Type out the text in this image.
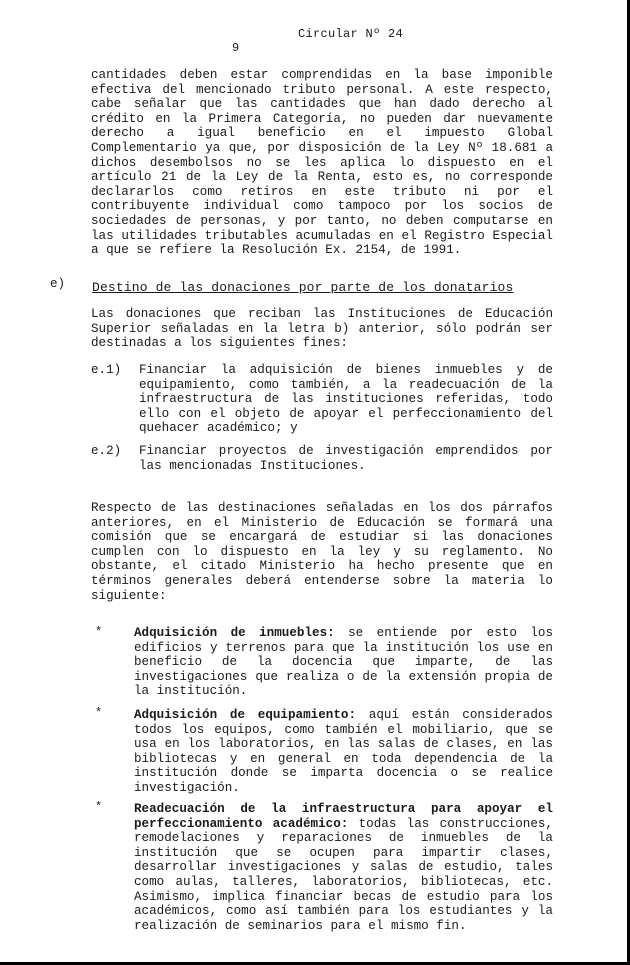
Circular Nº 24
9

cantidades deben estar comprendidas en la base imponible efectiva del mencionado tributo personal. A este respecto, cabe señalar que las cantidades que han dado derecho al crédito en la Primera Categoría, no pueden dar nuevamente derecho a igual beneficio en el impuesto Global Complementario ya que, por disposición de la Ley Nº 18.681 a dichos desembolsos no se les aplica lo dispuesto en el artículo 21 de la Ley de la Renta, esto es, no corresponde declararlos como retiros en este tributo ni por el contribuyente individual como tampoco por los socios de sociedades de personas, y por tanto, no deben computarse en las utilidades tributables acumuladas en el Registro Especial a que se refiere la Resolución Ex. 2154, de 1991.

e) Destino de las donaciones por parte de los donatarios

Las donaciones que reciban las Instituciones de Educación Superior señaladas en la letra b) anterior, sólo podrán ser destinadas a los siguientes fines:

e.1) Financiar la adquisición de bienes inmuebles y de equipamiento, como también, a la readecuación de la infraestructura de las instituciones referidas, todo ello con el objeto de apoyar el perfeccionamiento del quehacer académico; y
e.2) Financiar proyectos de investigación emprendidos por las mencionadas Instituciones.

Respecto de las destinaciones señaladas en los dos párrafos anteriores, en el Ministerio de Educación se formará una comisión que se encargará de estudiar si las donaciones cumplen con lo dispuesto en la ley y su reglamento. No obstante, el citado Ministerio ha hecho presente que en términos generales deberá entenderse sobre la materia lo siguiente:

*	Adquisición de inmuebles: se entiende por esto los edificios y terrenos para que la institución los use en beneficio de la docencia que imparte, de las investigaciones que realiza o de la extensión propia de la institución.
*	Adquisición de equipamiento: aquí están considerados todos los equipos, como también el mobiliario, que se usa en los laboratorios, en las salas de clases, en las bibliotecas y en general en toda dependencia de la institución donde se imparta docencia o se realice investigación.
*	Readecuación de la infraestructura para apoyar el perfeccionamiento académico: todas las construcciones, remodelaciones y reparaciones de inmuebles de la institución que se ocupen para impartir clases, desarrollar investigaciones y salas de estudio, tales como aulas, talleres, laboratorios, bibliotecas, etc. Asimismo, implica financiar becas de estudio para los académicos, como así también para los estudiantes y la realización de seminarios para el mismo fin.
